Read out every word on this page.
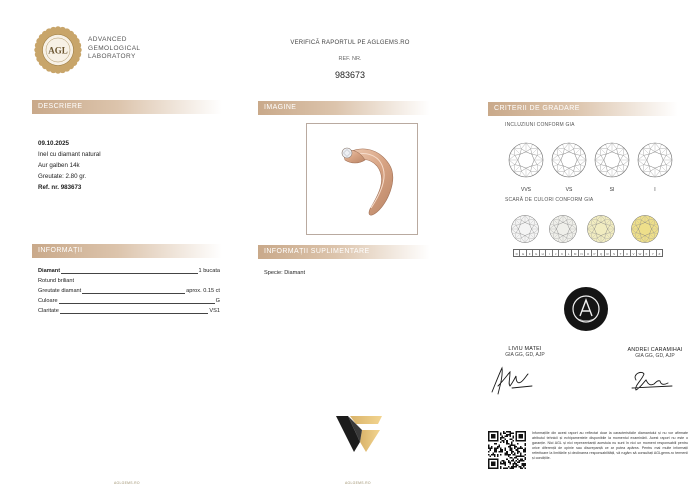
AGL
ADVANCED
GEMOLOGICAL
LABORATORY
VERIFICĂ RAPORTUL PE AGLGEMS.RO
REF. NR.
983673
DESCRIERE	IMAGINE	CRITERII DE GRADARE
INFORMAȚII	INFORMAȚII SUPLIMENTARE
09.10.2025
Inel cu diamant natural
Aur galben 14k
Greutate: 2.80 gr.
Ref. nr. 983673
Diamant	1 bucata
Rotund briliant
Greutate diamant	aprox. 0.15 ct
Culoare	G
Claritate	VS1
Specie: Diamant
INCLUZIUNI CONFORM GIA
VVS	VS	SI	I
SCARĂ DE CULORI CONFORM GIA
D	E	F	G	H	I	J	K	L	M	N	O	P	Q	R	S	T	U	V	W	X	Y	Z
LIVIU MATEI
GIA GG, GD, AJP
ANDREI CARAMIHAI
GIA GG, GD, AJP
Informațiile din acest raport au reflectat doar la caracteristicile diamantului și nu vor afirmate atributul tehnicii și echipamentele disponibile la momentul examinării. Acest raport nu este o garanție. Nici AGL și nici reprezentanții acestuia nu sunt în nici un moment responsabili pentru orice diferență de opinie sau discrepanță ce ar putea apărea. Pentru mai multe informații referitoare la limitările și declinarea responsabilității, vă rugăm să consultați AGLgems.ro termenii și condițiile.
AGLGEMS.RO	AGLGEMS.RO
